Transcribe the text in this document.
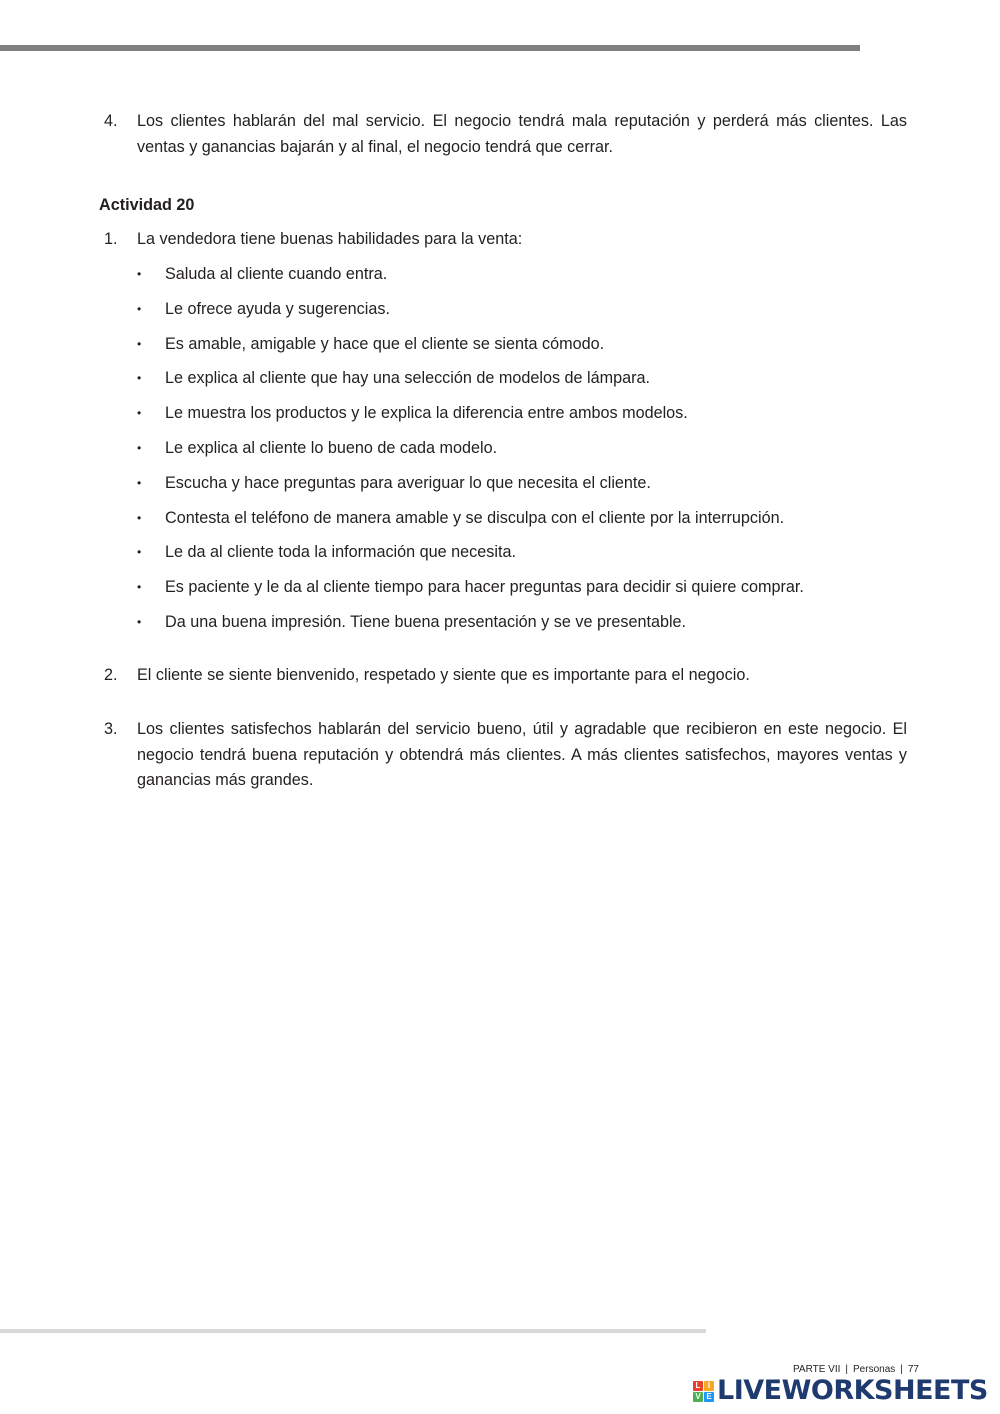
4.	Los clientes hablarán del mal servicio. El negocio tendrá mala reputación y perderá más clientes. Las ventas y ganancias bajarán y al final, el negocio tendrá que cerrar.
Actividad 20
1.	La vendedora tiene buenas habilidades para la venta:
• Saluda al cliente cuando entra.
• Le ofrece ayuda y sugerencias.
• Es amable, amigable y hace que el cliente se sienta cómodo.
• Le explica al cliente que hay una selección de modelos de lámpara.
• Le muestra los productos y le explica la diferencia entre ambos modelos.
• Le explica al cliente lo bueno de cada modelo.
• Escucha y hace preguntas para averiguar lo que necesita el cliente.
• Contesta el teléfono de manera amable y se disculpa con el cliente por la interrupción.
• Le da al cliente toda la información que necesita.
• Es paciente y le da al cliente tiempo para hacer preguntas para decidir si quiere comprar.
• Da una buena impresión. Tiene buena presentación y se ve presentable.
2.	El cliente se siente bienvenido, respetado y siente que es importante para el negocio.
3.	Los clientes satisfechos hablarán del servicio bueno, útil y agradable que recibieron en este negocio. El negocio tendrá buena reputación y obtendrá más clientes. A más clientes satisfechos, mayores ventas y ganancias más grandes.
PARTE VII | Personas | 77
L I
V E LIVEWORKSHEETS
